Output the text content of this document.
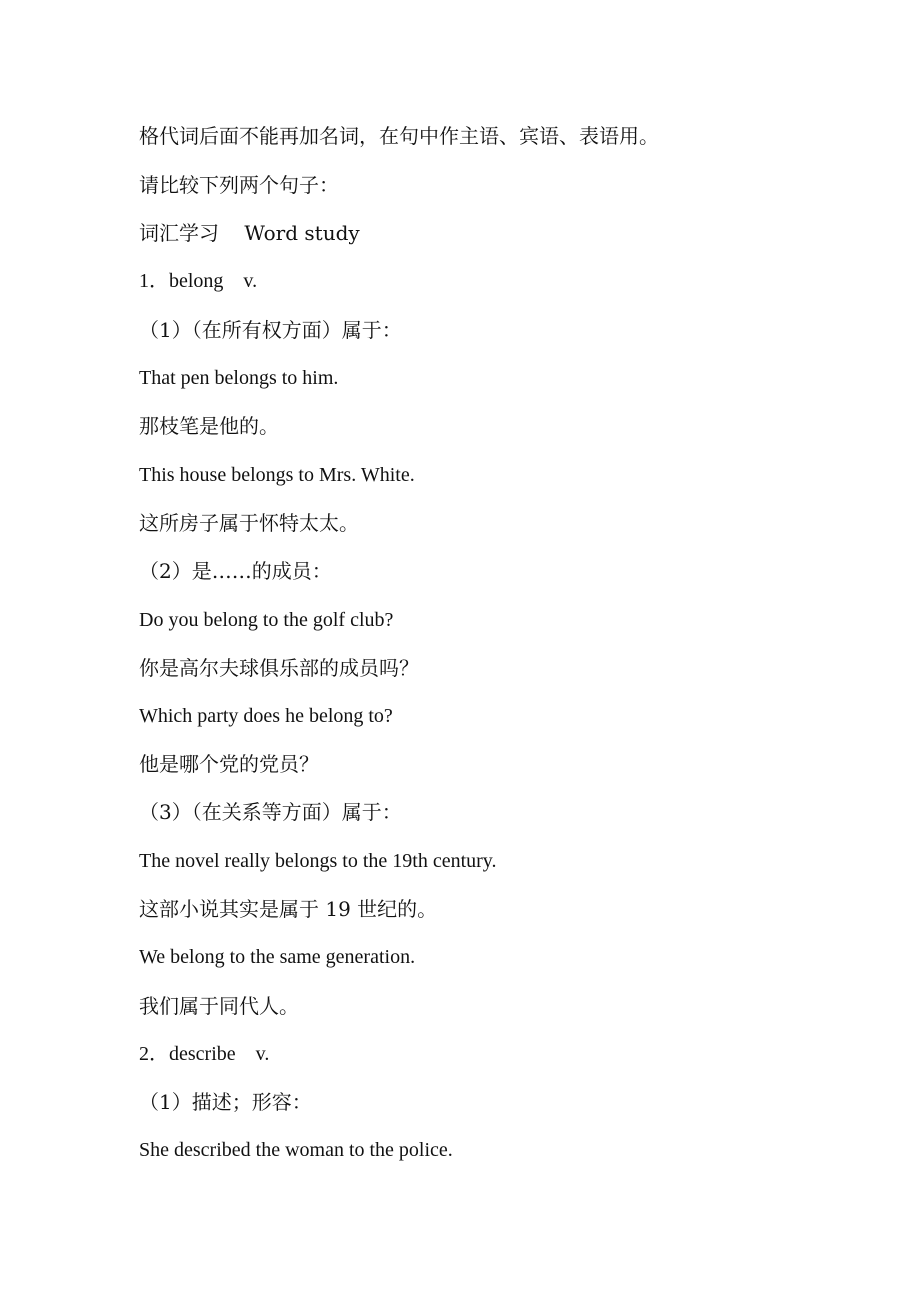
格代词后面不能再加名词，在句中作主语、宾语、表语用。
请比较下列两个句子：
词汇学习    Word study
1．belong    v.
（1）（在所有权方面）属于：
That pen belongs to him.
那枝笔是他的。
This house belongs to Mrs. White.
这所房子属于怀特太太。
（2）是……的成员：
Do you belong to the golf club?
你是高尔夫球俱乐部的成员吗？
Which party does he belong to?
他是哪个党的党员？
（3）（在关系等方面）属于：
The novel really belongs to the 19th century.
这部小说其实是属于 19 世纪的。
We belong to the same generation.
我们属于同代人。
2．describe    v.
（1）描述；形容：
She described the woman to the police.
